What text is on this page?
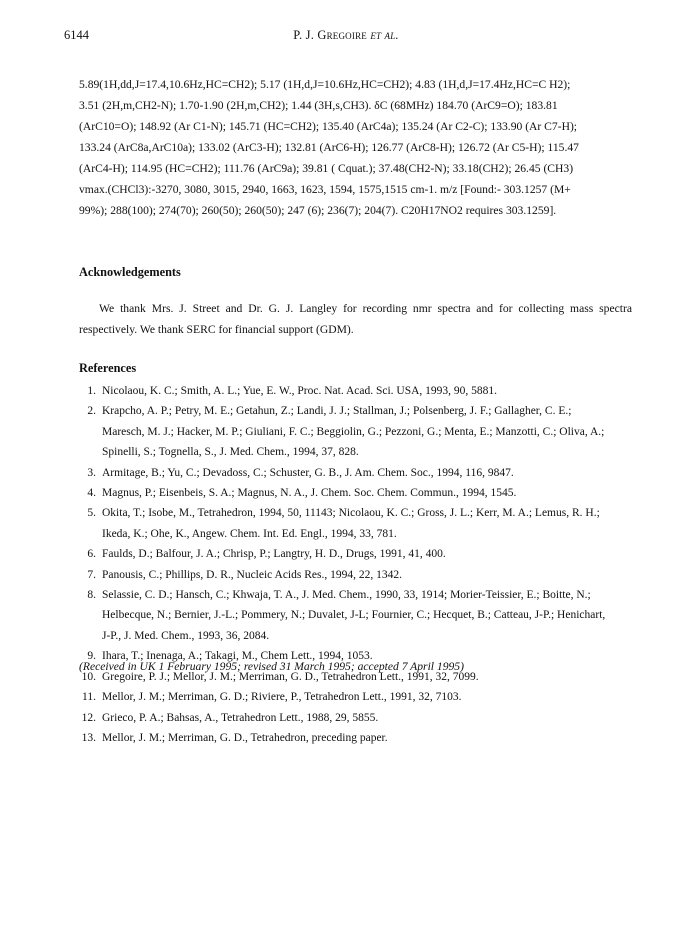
6144	P. J. Gregoire et al.

5.89(1H,dd,J=17.4,10.6Hz,HC=CH2); 5.17 (1H,d,J=10.6Hz,HC=CH2); 4.83 (1H,d,J=17.4Hz,HC=C H2);

3.51 (2H,m,CH2-N); 1.70-1.90 (2H,m,CH2); 1.44 (3H,s,CH3). δC (68MHz) 184.70 (ArC9=O); 183.81

(ArC10=O); 148.92 (Ar C1-N); 145.71 (HC=CH2); 135.40 (ArC4a); 135.24 (Ar C2-C); 133.90 (Ar C7-H);

133.24 (ArC8a,ArC10a); 133.02 (ArC3-H); 132.81 (ArC6-H); 126.77 (ArC8-H); 126.72 (Ar C5-H); 115.47

(ArC4-H); 114.95 (HC=CH2); 111.76 (ArC9a); 39.81 ( Cquat.); 37.48(CH2-N); 33.18(CH2); 26.45 (CH3)

vmax.(CHCl3):-3270, 3080, 3015, 2940, 1663, 1623, 1594, 1575,1515 cm-1. m/z [Found:- 303.1257 (M+

99%); 288(100); 274(70); 260(50); 260(50); 247 (6); 236(7); 204(7). C20H17NO2 requires 303.1259].

Acknowledgements

We thank Mrs. J. Street and Dr. G. J. Langley for recording nmr spectra and for collecting mass spectra respectively. We thank SERC for financial support (GDM).

References
1. Nicolaou, K. C.; Smith, A. L.; Yue, E. W., Proc. Nat. Acad. Sci. USA, 1993, 90, 5881.
2. Krapcho, A. P.; Petry, M. E.; Getahun, Z.; Landi, J. J.; Stallman, J.; Polsenberg, J. F.; Gallagher, C. E.; Maresch, M. J.; Hacker, M. P.; Giuliani, F. C.; Beggiolin, G.; Pezzoni, G.; Menta, E.; Manzotti, C.; Oliva, A.; Spinelli, S.; Tognella, S., J. Med. Chem., 1994, 37, 828.
3. Armitage, B.; Yu, C.; Devadoss, C.; Schuster, G. B., J. Am. Chem. Soc., 1994, 116, 9847.
4. Magnus, P.; Eisenbeis, S. A.; Magnus, N. A., J. Chem. Soc. Chem. Commun., 1994, 1545.
5. Okita, T.; Isobe, M., Tetrahedron, 1994, 50, 11143; Nicolaou, K. C.; Gross, J. L.; Kerr, M. A.; Lemus, R. H.; Ikeda, K.; Ohe, K., Angew. Chem. Int. Ed. Engl., 1994, 33, 781.
6. Faulds, D.; Balfour, J. A.; Chrisp, P.; Langtry, H. D., Drugs, 1991, 41, 400.
7. Panousis, C.; Phillips, D. R., Nucleic Acids Res., 1994, 22, 1342.
8. Selassie, C. D.; Hansch, C.; Khwaja, T. A., J. Med. Chem., 1990, 33, 1914; Morier-Teissier, E.; Boitte, N.; Helbecque, N.; Bernier, J.-L.; Pommery, N.; Duvalet, J-L; Fournier, C.; Hecquet, B.; Catteau, J-P.; Henichart, J-P., J. Med. Chem., 1993, 36, 2084.
9. Ihara, T.; Inenaga, A.; Takagi, M., Chem Lett., 1994, 1053.
10. Gregoire, P. J.; Mellor, J. M.; Merriman, G. D., Tetrahedron Lett., 1991, 32, 7099.
11. Mellor, J. M.; Merriman, G. D.; Riviere, P., Tetrahedron Lett., 1991, 32, 7103.
12. Grieco, P. A.; Bahsas, A., Tetrahedron Lett., 1988, 29, 5855.
13. Mellor, J. M.; Merriman, G. D., Tetrahedron, preceding paper.
(Received in UK 1 February 1995; revised 31 March 1995; accepted 7 April 1995)
